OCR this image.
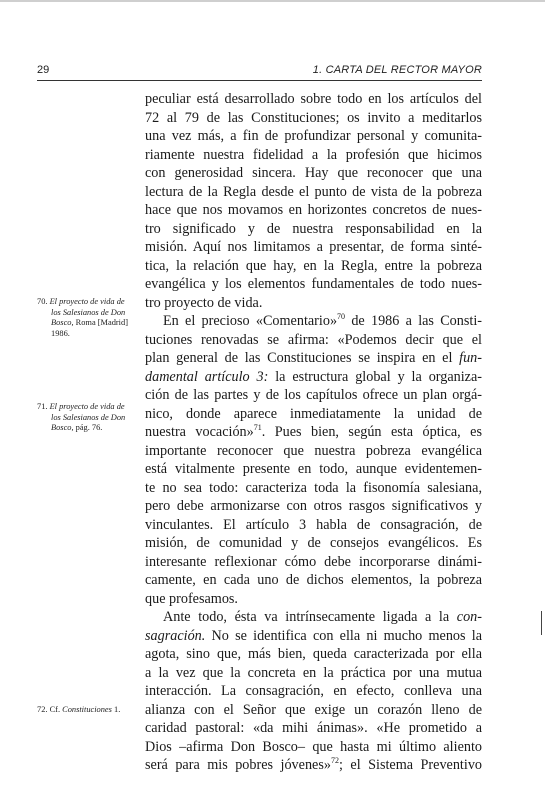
29	1. CARTA DEL RECTOR MAYOR
peculiar está desarrollado sobre todo en los artículos del
72 al 79 de las Constituciones; os invito a meditarlos
una vez más, a fin de profundizar personal y comunita-
riamente nuestra fidelidad a la profesión que hicimos
con generosidad sincera. Hay que reconocer que una
lectura de la Regla desde el punto de vista de la pobreza
hace que nos movamos en horizontes concretos de nues-
tro significado y de nuestra responsabilidad en la
misión. Aquí nos limitamos a presentar, de forma sinté-
tica, la relación que hay, en la Regla, entre la pobreza
evangélica y los elementos fundamentales de todo nues-
tro proyecto de vida.
En el precioso «Comentario»$^{70}$ de 1986 a las Consti-
tuciones renovadas se afirma: «Podemos decir que el
plan general de las Constituciones se inspira en el fun-
damental artículo 3: la estructura global y la organiza-
ción de las partes y de los capítulos ofrece un plan orgá-
nico, donde aparece inmediatamente la unidad de
nuestra vocación»$^{71}$. Pues bien, según esta óptica, es
importante reconocer que nuestra pobreza evangélica
está vitalmente presente en todo, aunque evidentemen-
te no sea todo: caracteriza toda la fisonomía salesiana,
pero debe armonizarse con otros rasgos significativos y
vinculantes. El artículo 3 habla de consagración, de
misión, de comunidad y de consejos evangélicos. Es
interesante reflexionar cómo debe incorporarse dinámi-
camente, en cada uno de dichos elementos, la pobreza
que profesamos.
Ante todo, ésta va intrínsecamente ligada a la con-
sagración. No se identifica con ella ni mucho menos la
agota, sino que, más bien, queda caracterizada por ella
a la vez que la concreta en la práctica por una mutua
interacción. La consagración, en efecto, conlleva una
alianza con el Señor que exige un corazón lleno de
caridad pastoral: «da mihi ánimas». «He prometido a
Dios –afirma Don Bosco– que hasta mi último aliento
será para mis pobres jóvenes»$^{72}$; el Sistema Preventivo
70. El proyecto de vida de
los Salesianos de Don
Bosco, Roma [Madrid]
1986.
71. El proyecto de vida de
los Salesianos de Don
Bosco, pág. 76.
72. Cf. Constituciones 1.
